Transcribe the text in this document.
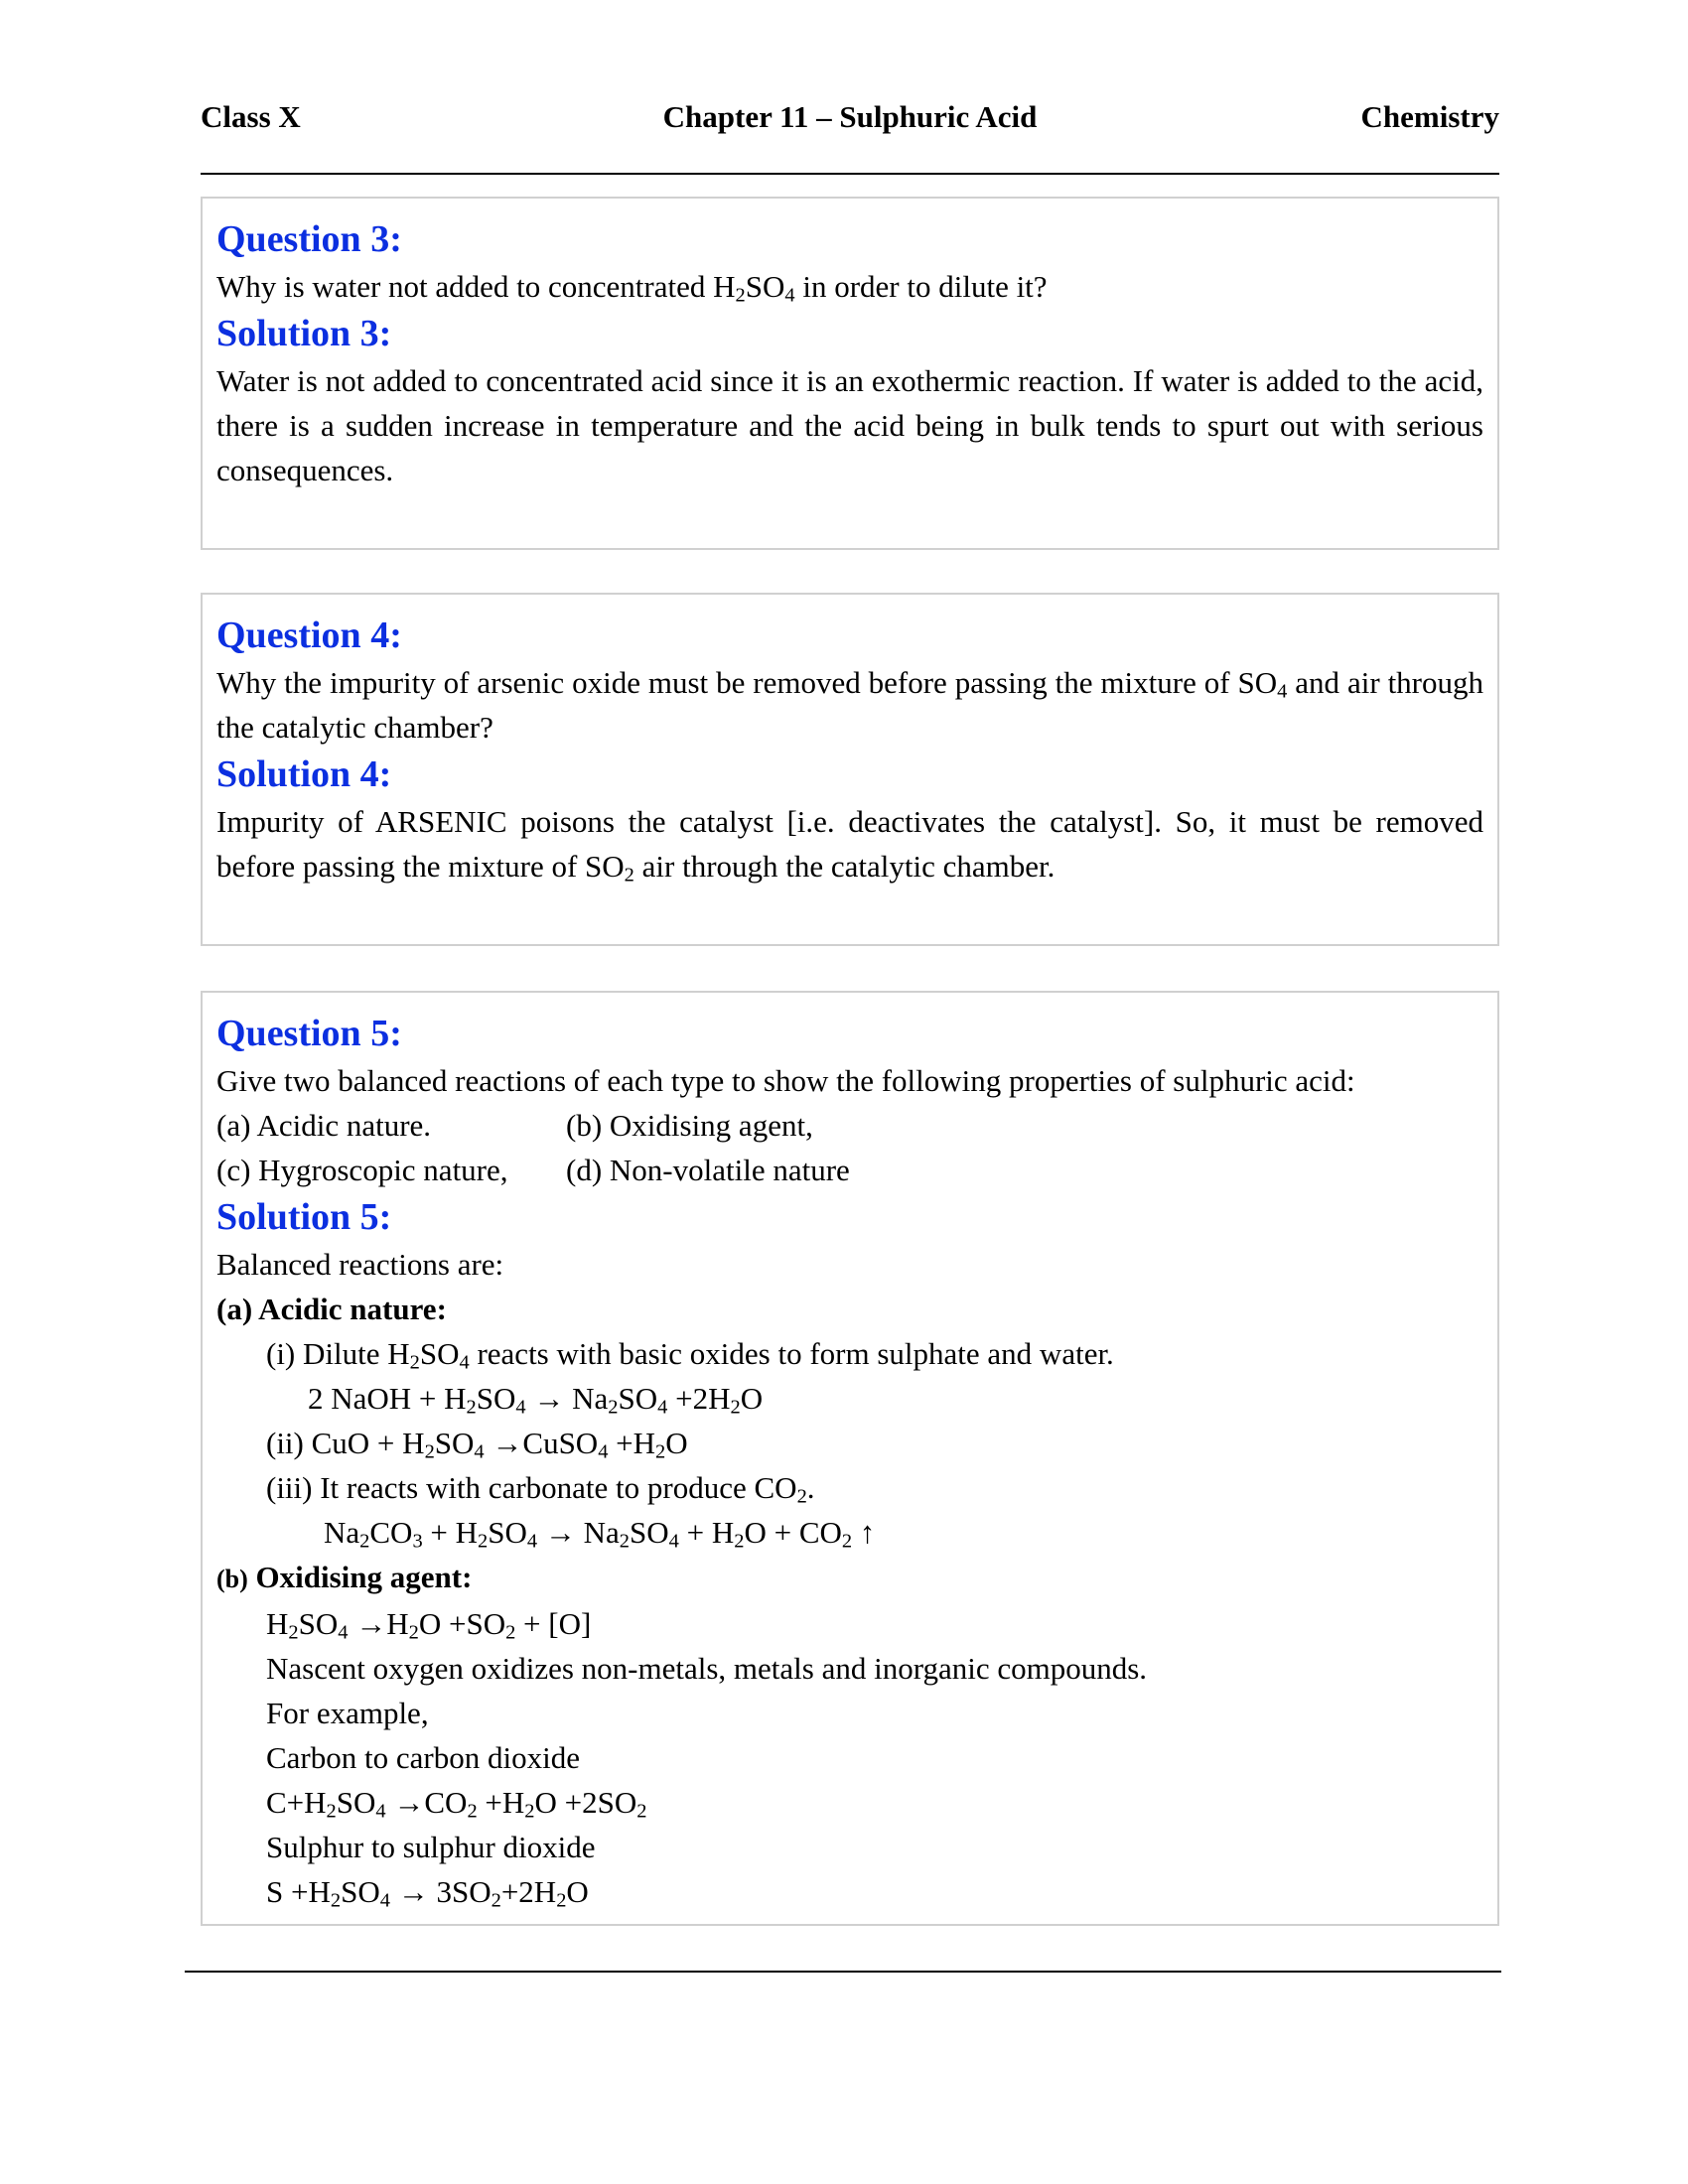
Class X	Chapter 11 – Sulphuric Acid	Chemistry
Question 3:
Why is water not added to concentrated $H_2SO_4$ in order to dilute it?
Solution 3:
Water is not added to concentrated acid since it is an exothermic reaction. If water is added to the acid, there is a sudden increase in temperature and the acid being in bulk tends to spurt out with serious consequences.
Question 4:
Why the impurity of arsenic oxide must be removed before passing the mixture of $SO_4$ and air through the catalytic chamber?
Solution 4:
Impurity of ARSENIC poisons the catalyst [i.e. deactivates the catalyst]. So, it must be removed before passing the mixture of $SO_2$ air through the catalytic chamber.
Question 5:
Give two balanced reactions of each type to show the following properties of sulphuric acid:
(a) Acidic nature.	(b) Oxidising agent,
(c) Hygroscopic nature, (d) Non-volatile nature
Solution 5:
Balanced reactions are:
(a) Acidic nature:
(i) Dilute $H_2SO_4$ reacts with basic oxides to form sulphate and water.
2 NaOH + $H_2SO_4 \to Na_2SO_4 +2H_2O$
(ii) CuO + $H_2SO_4$ →CuSO$_4$ $+H_2O$
(iii) It reacts with carbonate to produce $CO_2$.
$Na_2CO_3 + H_2SO_4 \to Na_2SO_4 + H_2O + CO_2$ ↑
(b) Oxidising agent:
$H_2SO_4 \to H_2O +SO_2 + [O]$
Nascent oxygen oxidizes non-metals, metals and inorganic compounds.
For example,
Carbon to carbon dioxide
$C+H_2SO_4 \to CO_2 +H_2O +2SO_2$
Sulphur to sulphur dioxide
$S +H_2SO_4 \to 3SO_2+2H_2O$
